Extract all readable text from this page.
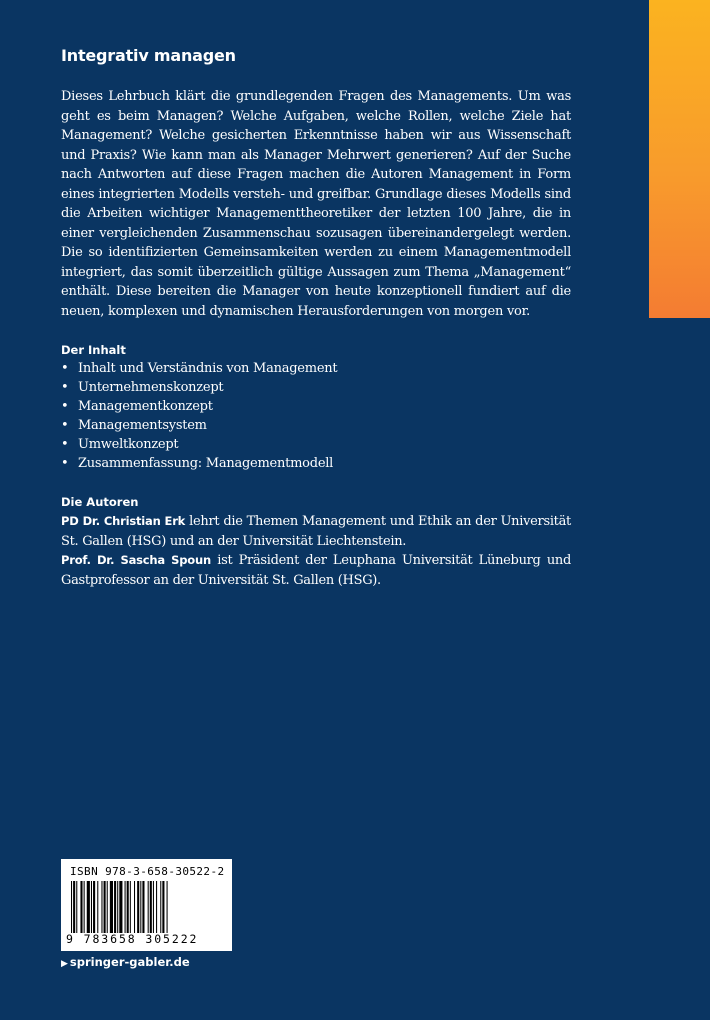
Integrativ managen

Dieses Lehrbuch klärt die grundlegenden Fragen des Managements. Um was geht es beim Managen? Welche Aufgaben, welche Rollen, welche Ziele hat Management? Welche gesicherten Erkenntnisse haben wir aus Wissenschaft und Praxis? Wie kann man als Manager Mehrwert generieren? Auf der Suche nach Antworten auf diese Fragen machen die Autoren Management in Form eines integrierten Modells versteh- und greifbar. Grundlage dieses Modells sind die Arbeiten wichtiger Managementtheoretiker der letzten 100 Jahre, die in einer vergleichenden Zusammenschau sozusagen übereinandergelegt werden. Die so identifizierten Gemeinsamkeiten werden zu einem Managementmodell integriert, das somit überzeitlich gültige Aussagen zum Thema „Management“ enthält. Diese bereiten die Manager von heute konzeptionell fundiert auf die neuen, komplexen und dynamischen Herausforderungen von morgen vor.

Der Inhalt
• Inhalt und Verständnis von Management
• Unternehmenskonzept
• Managementkonzept
• Managementsystem
• Umweltkonzept
• Zusammenfassung: Managementmodell
Die Autoren

PD Dr. Christian Erk lehrt die Themen Management und Ethik an der Universität St. Gallen (HSG) und an der Universität Liechtenstein.

Prof. Dr. Sascha Spoun ist Präsident der Leuphana Universität Lüneburg und Gastprofessor an der Universität St. Gallen (HSG).

ISBN 978-3-658-30522-2
9 783658 305222
▶ springer-gabler.de
